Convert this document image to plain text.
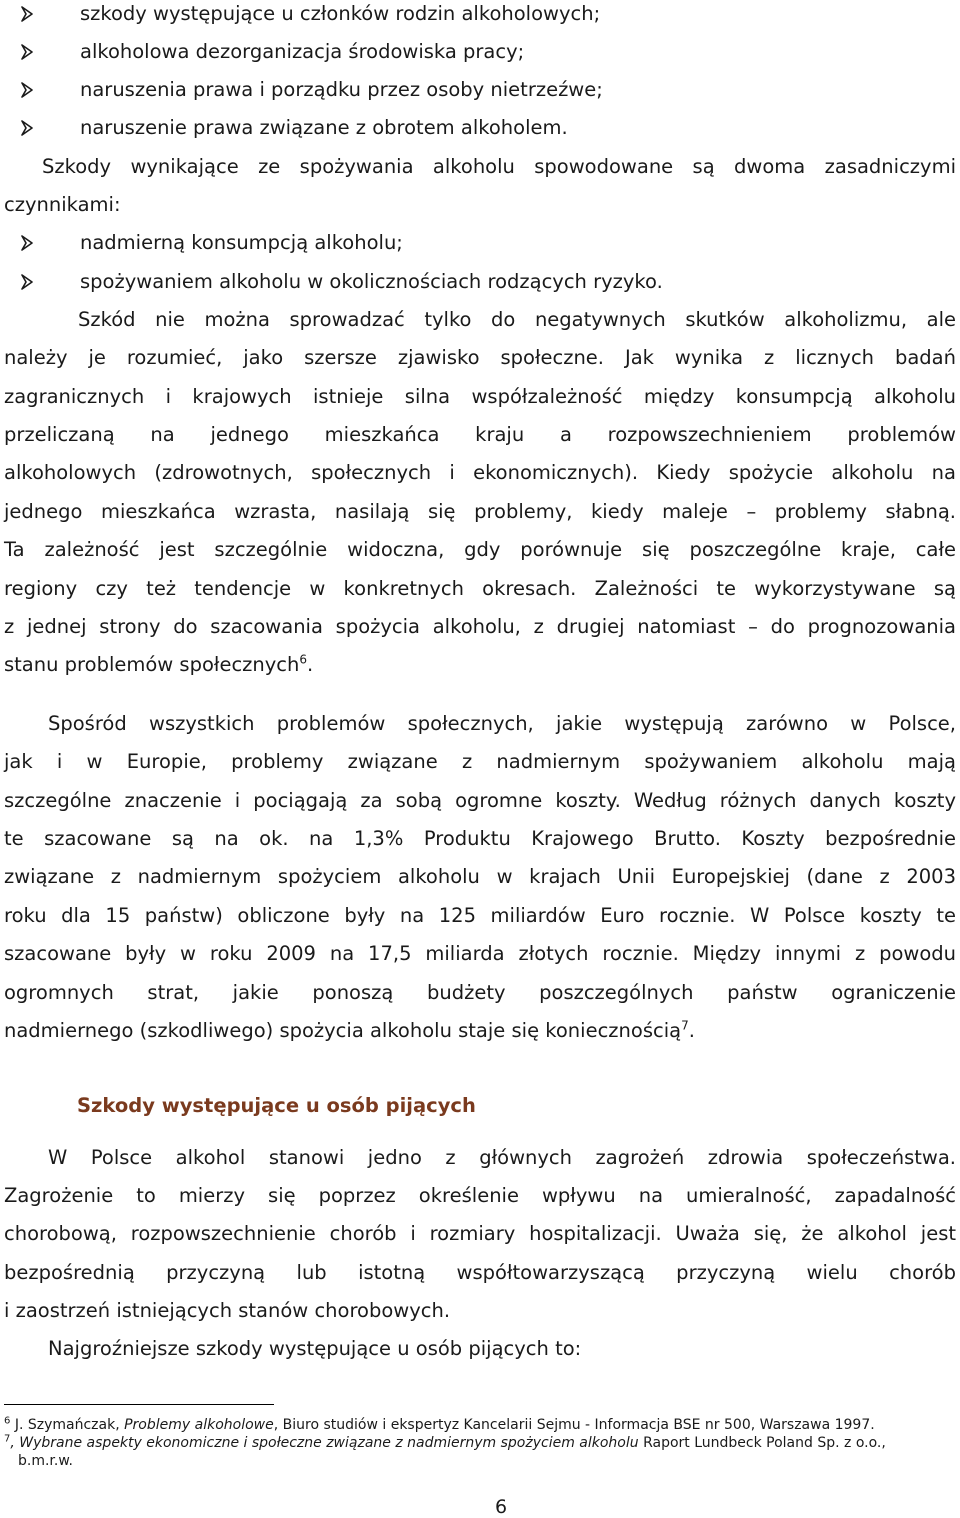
szkody występujące u członków rodzin alkoholowych;
alkoholowa dezorganizacja środowiska pracy;
naruszenia prawa i porządku przez osoby nietrzeźwe;
naruszenie prawa związane z obrotem alkoholem.
Szkody wynikające ze spożywania alkoholu spowodowane są dwoma zasadniczymi
czynnikami:
nadmierną konsumpcją alkoholu;
spożywaniem alkoholu w okolicznościach rodzących ryzyko.
Szkód nie można sprowadzać tylko do negatywnych skutków alkoholizmu, ale
należy je rozumieć, jako szersze zjawisko społeczne. Jak wynika z licznych badań
zagranicznych i krajowych istnieje silna współzależność między konsumpcją alkoholu
przeliczaną na jednego mieszkańca kraju a rozpowszechnieniem problemów
alkoholowych (zdrowotnych, społecznych i ekonomicznych). Kiedy spożycie alkoholu na
jednego mieszkańca wzrasta, nasilają się problemy, kiedy maleje – problemy słabną.
Ta zależność jest szczególnie widoczna, gdy porównuje się poszczególne kraje, całe
regiony czy też tendencje w konkretnych okresach. Zależności te wykorzystywane są
z jednej strony do szacowania spożycia alkoholu, z drugiej natomiast – do prognozowania
stanu problemów społecznych$^6$.
Spośród wszystkich problemów społecznych, jakie występują zarówno w Polsce,
jak i w Europie, problemy związane z nadmiernym spożywaniem alkoholu mają
szczególne znaczenie i pociągają za sobą ogromne koszty. Według różnych danych koszty
te szacowane są na ok. na 1,3% Produktu Krajowego Brutto. Koszty bezpośrednie
związane z nadmiernym spożyciem alkoholu w krajach Unii Europejskiej (dane z 2003
roku dla 15 państw) obliczone były na 125 miliardów Euro rocznie. W Polsce koszty te
szacowane były w roku 2009 na 17,5 miliarda złotych rocznie. Między innymi z powodu
ogromnych strat, jakie ponoszą budżety poszczególnych państw ograniczenie
nadmiernego (szkodliwego) spożycia alkoholu staje się koniecznością$^7$.
Szkody występujące u osób pijących
W Polsce alkohol stanowi jedno z głównych zagrożeń zdrowia społeczeństwa.
Zagrożenie to mierzy się poprzez określenie wpływu na umieralność, zapadalność
chorobową, rozpowszechnienie chorób i rozmiary hospitalizacji. Uważa się, że alkohol jest
bezpośrednią przyczyną lub istotną współtowarzyszącą przyczyną wielu chorób
i zaostrzeń istniejących stanów chorobowych.
Najgroźniejsze szkody występujące u osób pijących to:
$^6$ J. Szymańczak, Problemy alkoholowe, Biuro studiów i ekspertyz Kancelarii Sejmu - Informacja BSE nr 500, Warszawa 1997.
$^7$, Wybrane aspekty ekonomiczne i społeczne związane z nadmiernym spożyciem alkoholu Raport Lundbeck Poland Sp. z o.o.,
b.m.r.w.
6
